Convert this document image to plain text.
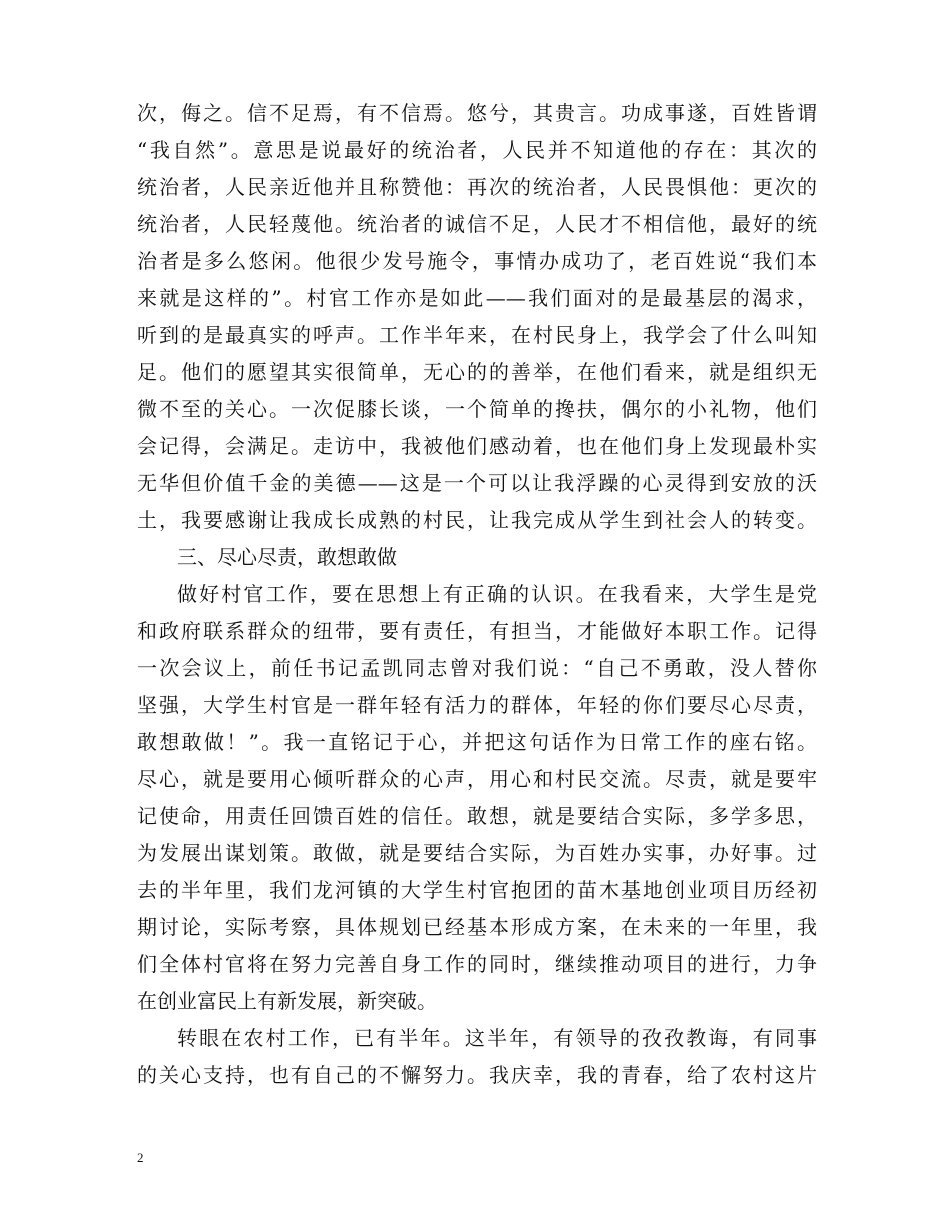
次，侮之。信不足焉，有不信焉。悠兮，其贵言。功成事遂，百姓皆谓
“我自然”。意思是说最好的统治者，人民并不知道他的存在：其次的
统治者，人民亲近他并且称赞他：再次的统治者，人民畏惧他：更次的
统治者，人民轻蔑他。统治者的诚信不足，人民才不相信他，最好的统
治者是多么悠闲。他很少发号施令，事情办成功了，老百姓说“我们本
来就是这样的”。村官工作亦是如此——我们面对的是最基层的渴求，
听到的是最真实的呼声。工作半年来，在村民身上，我学会了什么叫知
足。他们的愿望其实很简单，无心的的善举，在他们看来，就是组织无
微不至的关心。一次促膝长谈，一个简单的搀扶，偶尔的小礼物，他们
会记得，会满足。走访中，我被他们感动着，也在他们身上发现最朴实
无华但价值千金的美德——这是一个可以让我浮躁的心灵得到安放的沃
土，我要感谢让我成长成熟的村民，让我完成从学生到社会人的转变。
三、尽心尽责，敢想敢做
做好村官工作，要在思想上有正确的认识。在我看来，大学生是党
和政府联系群众的纽带，要有责任，有担当，才能做好本职工作。记得
一次会议上，前任书记孟凯同志曾对我们说：“自己不勇敢，没人替你
坚强，大学生村官是一群年轻有活力的群体，年轻的你们要尽心尽责，
敢想敢做！”。我一直铭记于心，并把这句话作为日常工作的座右铭。
尽心，就是要用心倾听群众的心声，用心和村民交流。尽责，就是要牢
记使命，用责任回馈百姓的信任。敢想，就是要结合实际，多学多思，
为发展出谋划策。敢做，就是要结合实际，为百姓办实事，办好事。过
去的半年里，我们龙河镇的大学生村官抱团的苗木基地创业项目历经初
期讨论，实际考察，具体规划已经基本形成方案，在未来的一年里，我
们全体村官将在努力完善自身工作的同时，继续推动项目的进行，力争
在创业富民上有新发展，新突破。
转眼在农村工作，已有半年。这半年，有领导的孜孜教诲，有同事
的关心支持，也有自己的不懈努力。我庆幸，我的青春，给了农村这片
2
